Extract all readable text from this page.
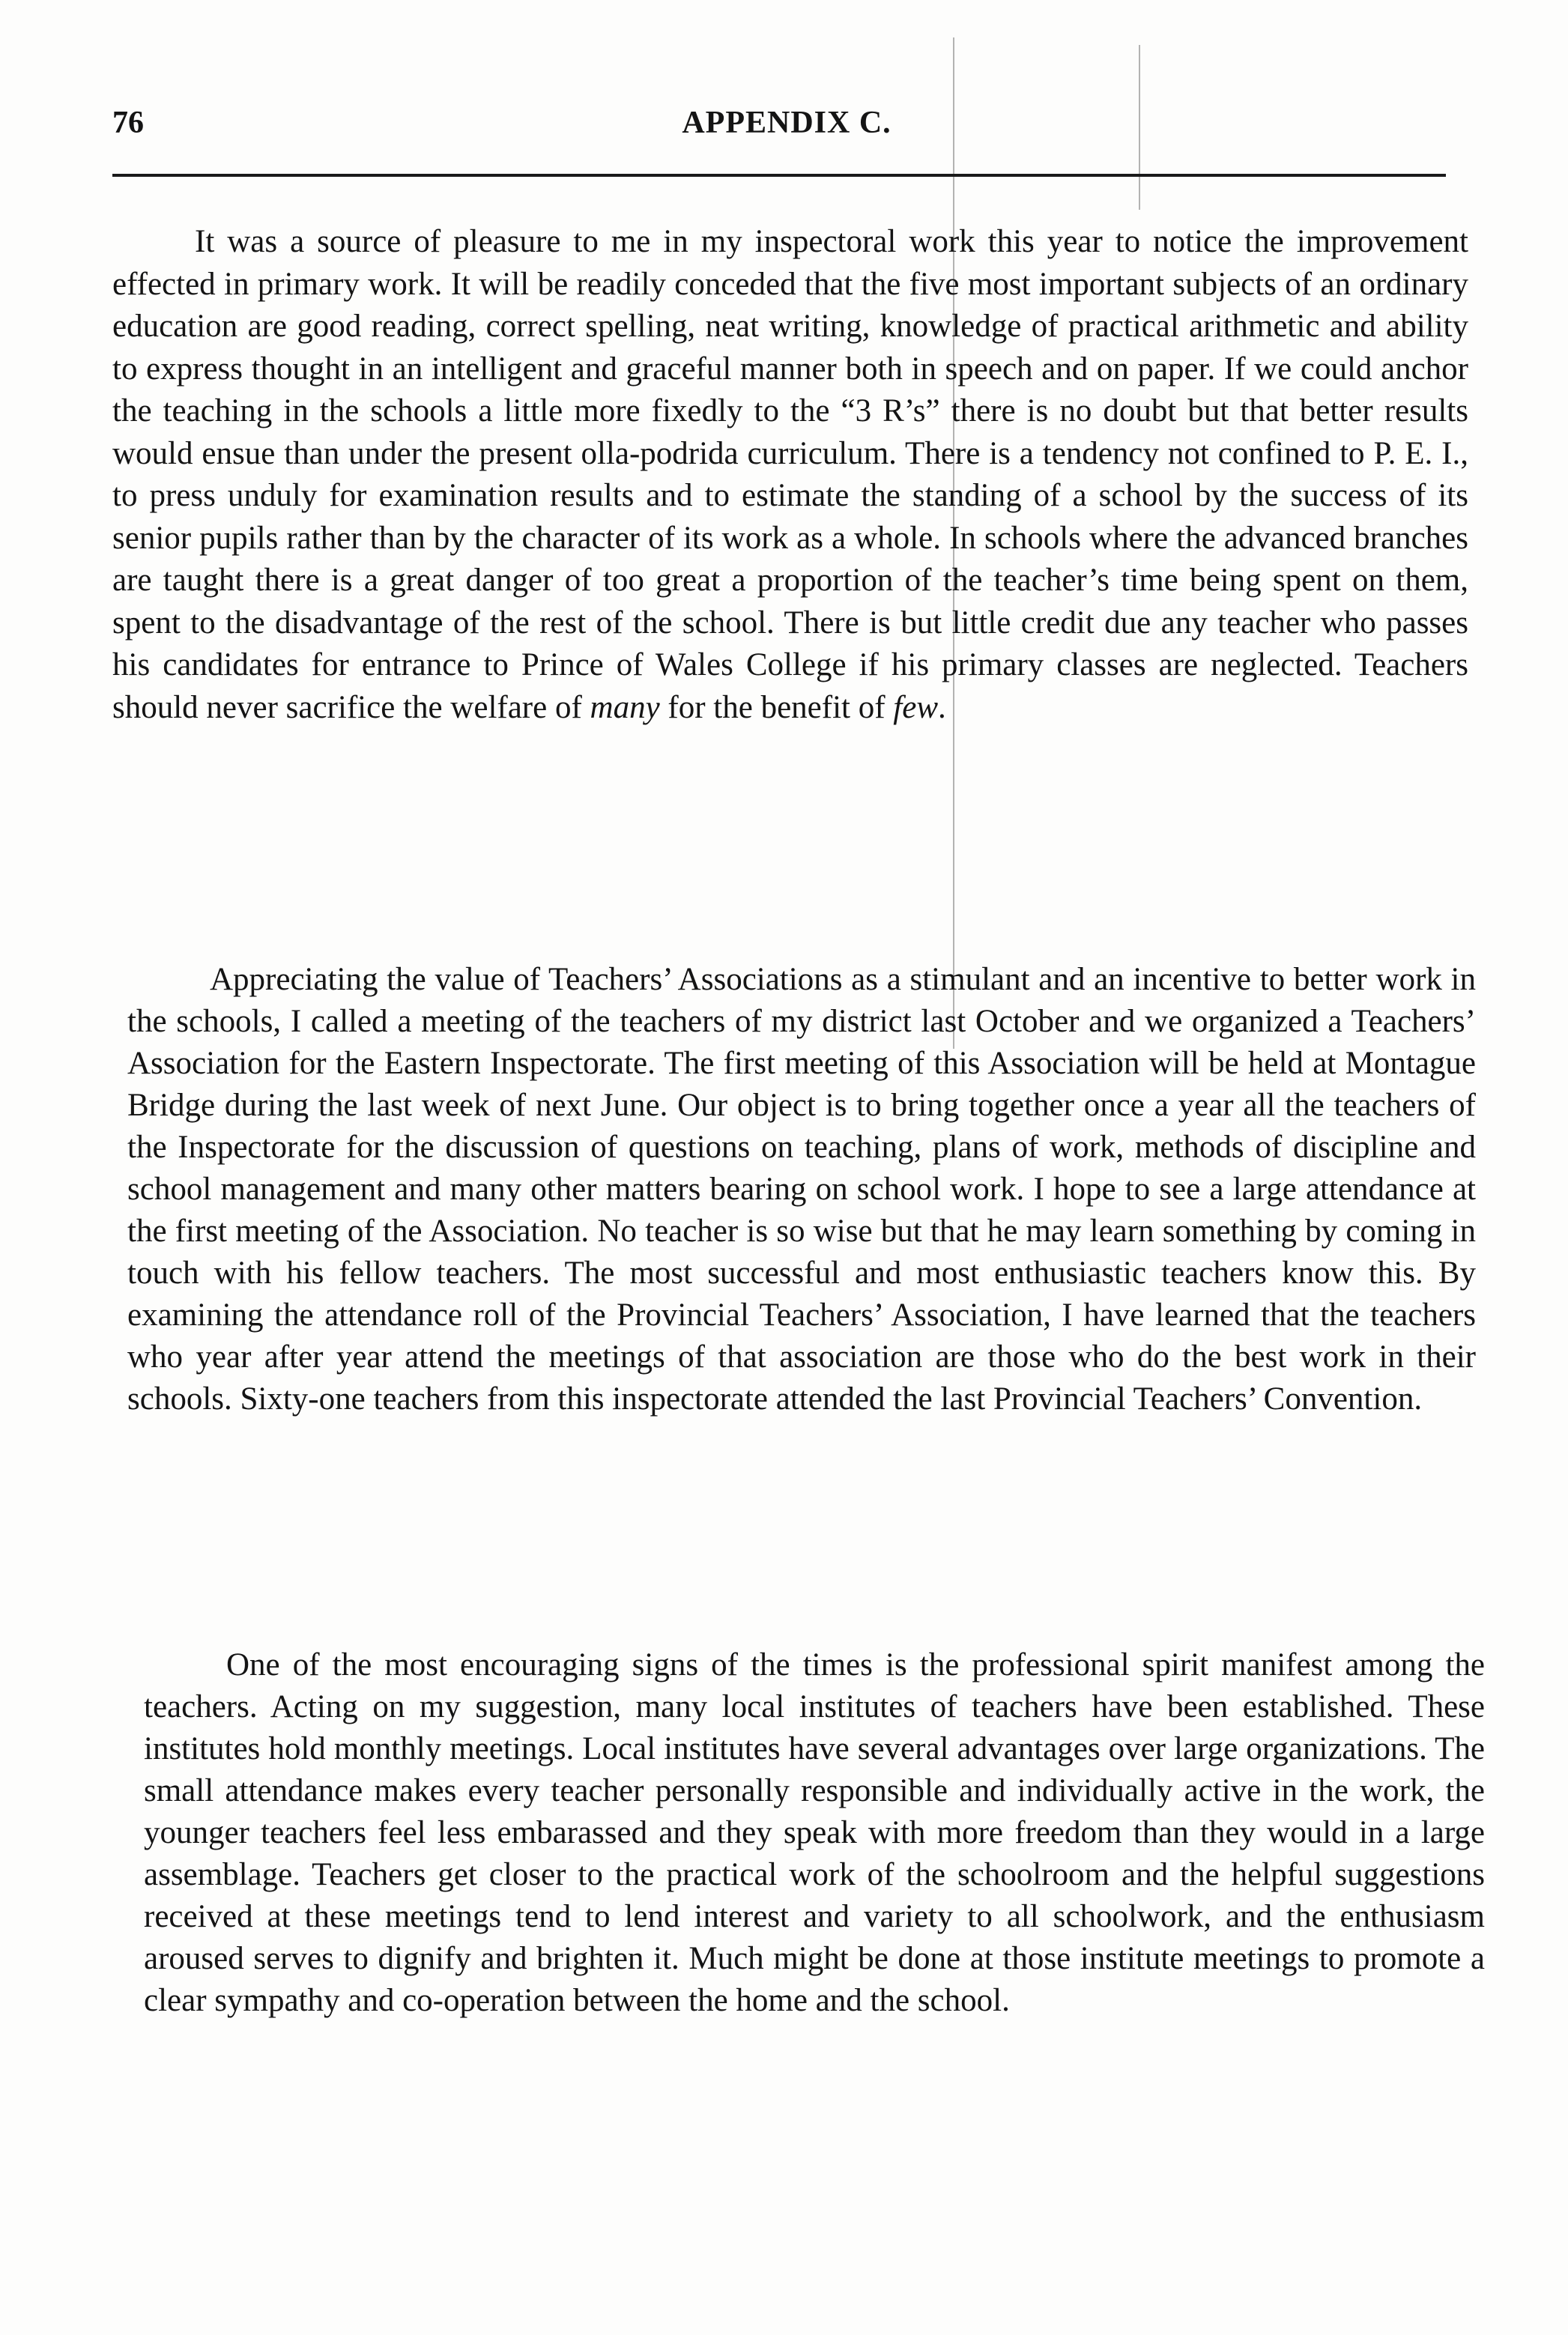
76	APPENDIX C.

It was a source of pleasure to me in my inspectoral work this year to notice the improvement effected in primary work. It will be readily conceded that the five most important subjects of an ordinary education are good reading, correct spelling, neat writing, knowledge of practical arithmetic and ability to express thought in an intelligent and graceful manner both in speech and on paper. If we could anchor the teaching in the schools a little more fixedly to the “3 R’s” there is no doubt but that better results would ensue than under the present olla-podrida curriculum. There is a tendency not confined to P. E. I., to press unduly for examination results and to estimate the standing of a school by the success of its senior pupils rather than by the character of its work as a whole. In schools where the advanced branches are taught there is a great danger of too great a proportion of the teacher’s time being spent on them, spent to the disadvantage of the rest of the school. There is but little credit due any teacher who passes his candidates for entrance to Prince of Wales College if his primary classes are neglected. Teachers should never sacrifice the welfare of many for the benefit of few.

Appreciating the value of Teachers’ Associations as a stimulant and an incentive to better work in the schools, I called a meeting of the teachers of my district last October and we organized a Teachers’ Association for the Eastern Inspectorate. The first meeting of this Association will be held at Montague Bridge during the last week of next June. Our object is to bring together once a year all the teachers of the Inspectorate for the discussion of questions on teaching, plans of work, methods of discipline and school management and many other matters bearing on school work. I hope to see a large attendance at the first meeting of the Association. No teacher is so wise but that he may learn something by coming in touch with his fellow teachers. The most successful and most enthusiastic teachers know this. By examining the attendance roll of the Provincial Teachers’ Association, I have learned that the teachers who year after year attend the meetings of that association are those who do the best work in their schools. Sixty-one teachers from this inspectorate attended the last Provincial Teachers’ Convention.

One of the most encouraging signs of the times is the professional spirit manifest among the teachers. Acting on my suggestion, many local institutes of teachers have been established. These institutes hold monthly meetings. Local institutes have several advantages over large organizations. The small attendance makes every teacher personally responsible and individually active in the work, the younger teachers feel less embarassed and they speak with more freedom than they would in a large assemblage. Teachers get closer to the practical work of the schoolroom and the helpful suggestions received at these meetings tend to lend interest and variety to all schoolwork, and the enthusiasm aroused serves to dignify and brighten it. Much might be done at those institute meetings to promote a clear sympathy and co-operation between the home and the school.
